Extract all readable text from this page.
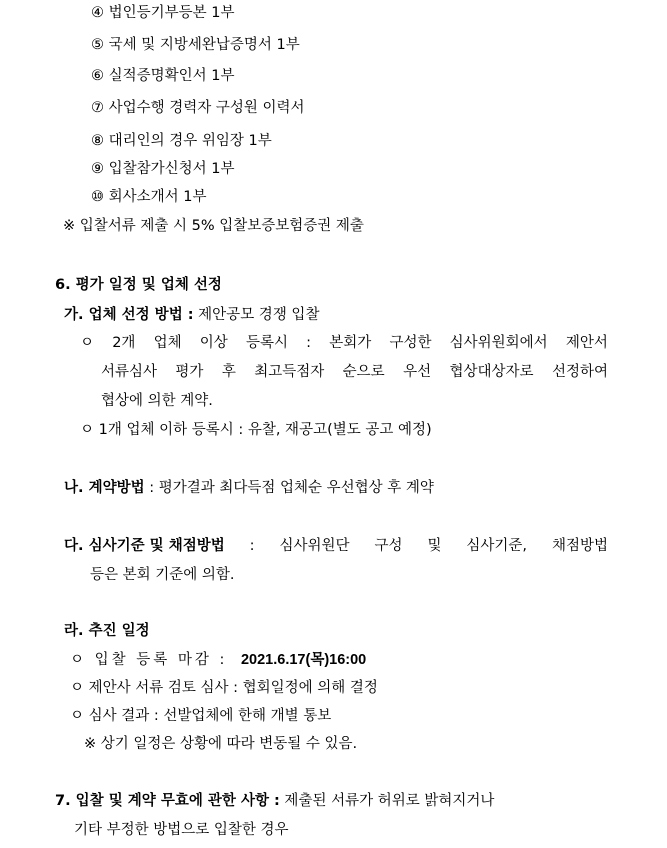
④ 법인등기부등본 1부
⑤ 국세 및 지방세완납증명서 1부
⑥ 실적증명확인서 1부
⑦ 사업수행 경력자 구성원 이력서
⑧ 대리인의 경우 위임장 1부
⑨ 입찰참가신청서 1부
⑩ 회사소개서 1부
※ 입찰서류 제출 시 5% 입찰보증보험증권 제출
6. 평가 일정 및 업체 선정
가. 업체 선정 방법 : 제안공모 경쟁 입찰
ㅇ 2개 업체 이상 등록시 : 본회가 구성한 심사위원회에서 제안서
서류심사 평가 후 최고득점자 순으로 우선 협상대상자로 선정하여
협상에 의한 계약.
ㅇ 1개 업체 이하 등록시 : 유찰, 재공고(별도 공고 예정)
나. 계약방법 : 평가결과 최다득점 업체순 우선협상 후 계약
다. 심사기준 및 채점방법 : 심사위원단 구성 및 심사기준, 채점방법
등은 본회 기준에 의함.
라. 추진 일정
ㅇ 입찰 등록 마감 : 2021.6.17(목)16:00
ㅇ 제안사 서류 검토 심사 : 협회일정에 의해 결정
ㅇ 심사 결과 : 선발업체에 한해 개별 통보
※ 상기 일정은 상황에 따라 변동될 수 있음.
7. 입찰 및 계약 무효에 관한 사항 : 제출된 서류가 허위로 밝혀지거나
기타 부정한 방법으로 입찰한 경우
